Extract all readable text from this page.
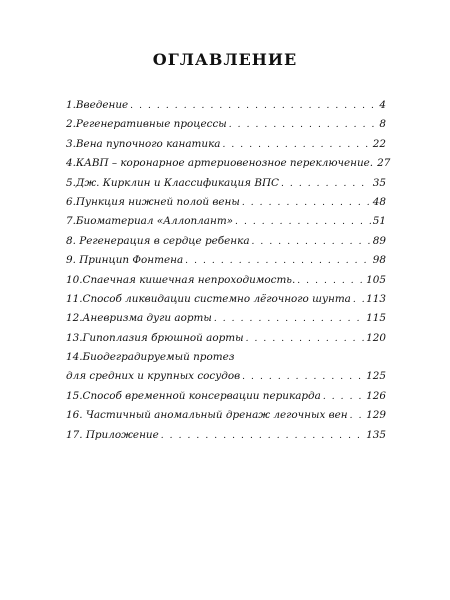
ОГЛАВЛЕНИЕ
1.Введение . . .	4
2.Регенеративные процессы . . .	8
3.Вена пупочного канатика . . .	22
4.КАВП – коронарное артериовенозное переключение. 27
5.Дж. Кирклин и Классификация ВПС . . .	35
6.Пункция нижней полой вены . . .	48
7.Биоматериал «Аллоплант» . . .	51
8. Регенерация в сердце ребенка . . .	89
9. Принцип Фонтена . . .	98
10.Спаечная кишечная непроходимость. . . .	105
11.Способ ликвидации системно лёгочного шунта . . . 113
12.Аневризма дуги аорты . . .	115
13.Гипоплазия брюшной аорты . . .	120
14.Биодеградируемый протез
для средних и крупных сосудов . . .	125
15.Способ временной консервации перикарда . . .	126
16. Частичный аномальный дренаж легочных вен . . . 129
17. Приложение . . .	135
